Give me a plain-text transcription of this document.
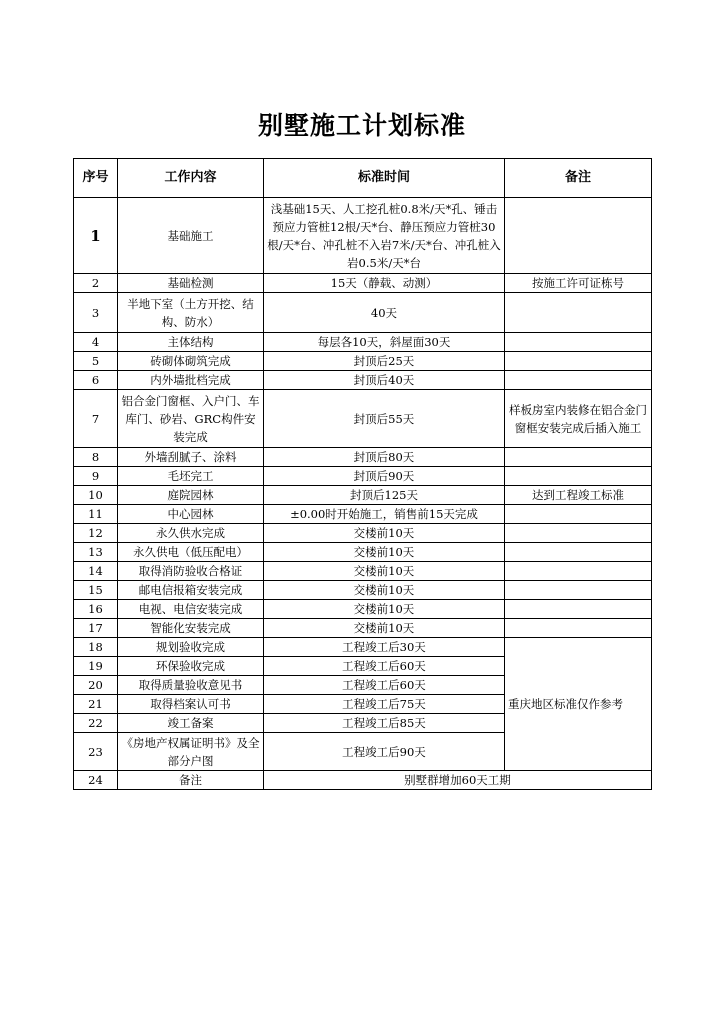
别墅施工计划标准
序号	工作内容	标准时间	备注
1	基础施工	浅基础15天、人工挖孔桩0.8米/天*孔、锤击预应力管桩12根/天*台、静压预应力管桩30根/天*台、冲孔桩不入岩7米/天*台、冲孔桩入岩0.5米/天*台	
2	基础检测	15天（静载、动测）	按施工许可证栋号
3	半地下室（土方开挖、结构、防水）	40天	
4	主体结构	每层各10天，斜屋面30天	
5	砖砌体砌筑完成	封顶后25天	
6	内外墙批档完成	封顶后40天	
7	铝合金门窗框、入户门、车库门、砂岩、GRC构件安装完成	封顶后55天	样板房室内装修在铝合金门窗框安装完成后插入施工
8	外墙刮腻子、涂料	封顶后80天	
9	毛坯完工	封顶后90天	
10	庭院园林	封顶后125天	达到工程竣工标准
11	中心园林	±0.00时开始施工，销售前15天完成	
12	永久供水完成	交楼前10天	
13	永久供电（低压配电）	交楼前10天	
14	取得消防验收合格证	交楼前10天	
15	邮电信报箱安装完成	交楼前10天	
16	电视、电信安装完成	交楼前10天	
17	智能化安装完成	交楼前10天	
18	规划验收完成	工程竣工后30天	重庆地区标准仅作参考
19	环保验收完成	工程竣工后60天	
20	取得质量验收意见书	工程竣工后60天	
21	取得档案认可书	工程竣工后75天	
22	竣工备案	工程竣工后85天	
23	《房地产权属证明书》及全部分户图	工程竣工后90天	
24	备注	别墅群增加60天工期	
